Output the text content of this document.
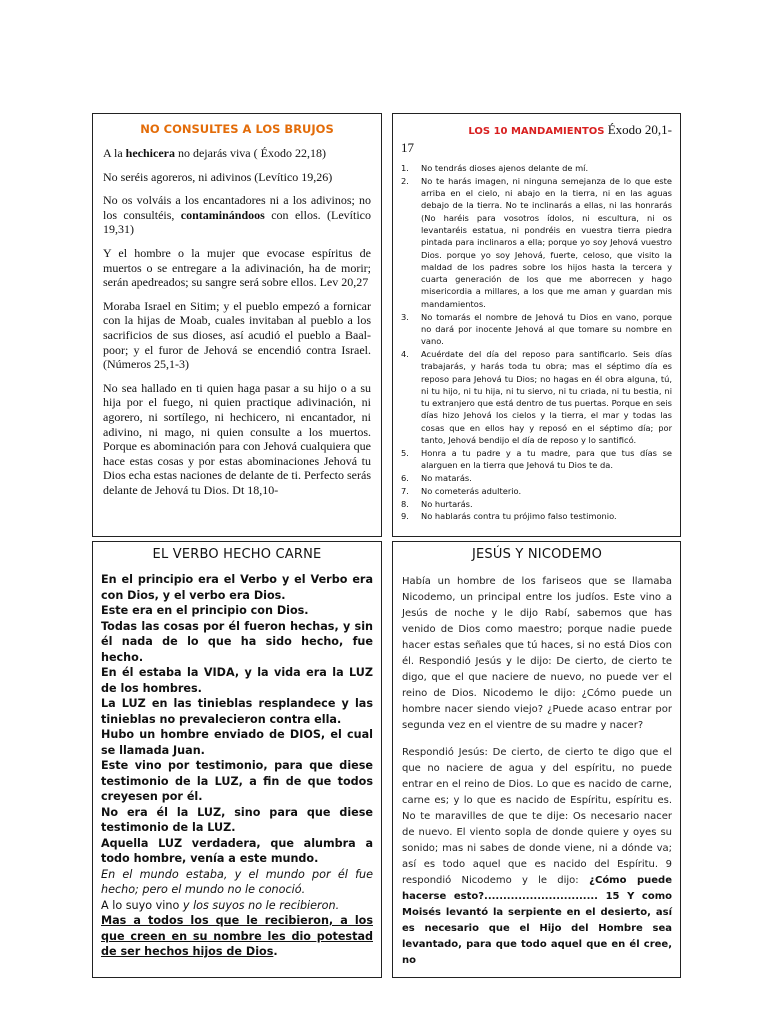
NO CONSULTES A LOS BRUJOS

A la hechicera no dejarás viva ( Éxodo 22,18)

No seréis agoreros, ni adivinos (Levítico 19,26)

No os volváis a los encantadores ni a los adivinos; no los consultéis, contaminándoos con ellos. (Levítico 19,31)

Y el hombre o la mujer que evocase espíritus de muertos o se entregare a la adivinación, ha de morir; serán apedreados; su sangre será sobre ellos. Lev 20,27

Moraba Israel en Sitim; y el pueblo empezó a fornicar con la hijas de Moab, cuales invitaban al pueblo a los sacrificios de sus dioses, así acudió el pueblo a Baal-poor; y el furor de Jehová se encendió contra Israel. (Números 25,1-3)

No sea hallado en ti quien haga pasar a su hijo o a su hija por el fuego, ni quien practique adivinación, ni agorero, ni sortílego, ni hechicero, ni encantador, ni adivino, ni mago, ni quien consulte a los muertos. Porque es abominación para con Jehová cualquiera que hace estas cosas y por estas abominaciones Jehová tu Dios echa estas naciones de delante de ti. Perfecto serás delante de Jehová tu Dios. Dt 18,10-

LOS 10 MANDAMIENTOS Éxodo 20,1-
17
1. No tendrás dioses ajenos delante de mí.
2. No te harás imagen, ni ninguna semejanza de lo que este arriba en el cielo, ni abajo en la tierra, ni en las aguas debajo de la tierra. No te inclinarás a ellas, ni las honrarás (No haréis para vosotros ídolos, ni escultura, ni os levantaréis estatua, ni pondréis en vuestra tierra piedra pintada para inclinaros a ella; porque yo soy Jehová vuestro Dios. porque yo soy Jehová, fuerte, celoso, que visito la maldad de los padres sobre los hijos hasta la tercera y cuarta generación de los que me aborrecen y hago misericordia a millares, a los que me aman y guardan mis mandamientos.
3. No tomarás el nombre de Jehová tu Dios en vano, porque no dará por inocente Jehová al que tomare su nombre en vano.
4. Acuérdate del día del reposo para santificarlo. Seis días trabajarás, y harás toda tu obra; mas el séptimo día es reposo para Jehová tu Dios; no hagas en él obra alguna, tú, ni tu hijo, ni tu hija, ni tu siervo, ni tu criada, ni tu bestia, ni tu extranjero que está dentro de tus puertas. Porque en seis días hizo Jehová los cielos y la tierra, el mar y todas las cosas que en ellos hay y reposó en el séptimo día; por tanto, Jehová bendijo el día de reposo y lo santificó.
5. Honra a tu padre y a tu madre, para que tus días se alarguen en la tierra que Jehová tu Dios te da.
6. No matarás.
7. No cometerás adulterio.
8. No hurtarás.
9. No hablarás contra tu prójimo falso testimonio.
EL VERBO HECHO CARNE

En el principio era el Verbo y el Verbo era con Dios, y el verbo era Dios.

Este era en el principio con Dios.

Todas las cosas por él fueron hechas, y sin él nada de lo que ha sido hecho, fue hecho.

En él estaba la VIDA, y la vida era la LUZ de los hombres.

La LUZ en las tinieblas resplandece y las tinieblas no prevalecieron contra ella.

Hubo un hombre enviado de DIOS, el cual se llamada Juan.

Este vino por testimonio, para que diese testimonio de la LUZ, a fin de que todos creyesen por él.

No era él la LUZ, sino para que diese testimonio de la LUZ.

Aquella LUZ verdadera, que alumbra a todo hombre, venía a este mundo.

En el mundo estaba, y el mundo por él fue hecho; pero el mundo no le conoció.

A lo suyo vino y los suyos no le recibieron.

Mas a todos los que le recibieron, a los que creen en su nombre les dio potestad de ser hechos hijos de Dios.

JESÚS Y NICODEMO

Había un hombre de los fariseos que se llamaba Nicodemo, un principal entre los judíos. Este vino a Jesús de noche y le dijo Rabí, sabemos que has venido de Dios como maestro; porque nadie puede hacer estas señales que tú haces, si no está Dios con él. Respondió Jesús y le dijo: De cierto, de cierto te digo, que el que naciere de nuevo, no puede ver el reino de Dios. Nicodemo le dijo: ¿Cómo puede un hombre nacer siendo viejo? ¿Puede acaso entrar por segunda vez en el vientre de su madre y nacer?

Respondió Jesús: De cierto, de cierto te digo que el que no naciere de agua y del espíritu, no puede entrar en el reino de Dios. Lo que es nacido de carne, carne es; y lo que es nacido de Espíritu, espíritu es. No te maravilles de que te dije: Os necesario nacer de nuevo. El viento sopla de donde quiere y oyes su sonido; mas ni sabes de donde viene, ni a dónde va; así es todo aquel que es nacido del Espíritu. 9 respondió Nicodemo y le dijo: ¿Cómo puede hacerse esto?.............................. 15 Y como Moisés levantó la serpiente en el desierto, así es necesario que el Hijo del Hombre sea levantado, para que todo aquel que en él cree, no
